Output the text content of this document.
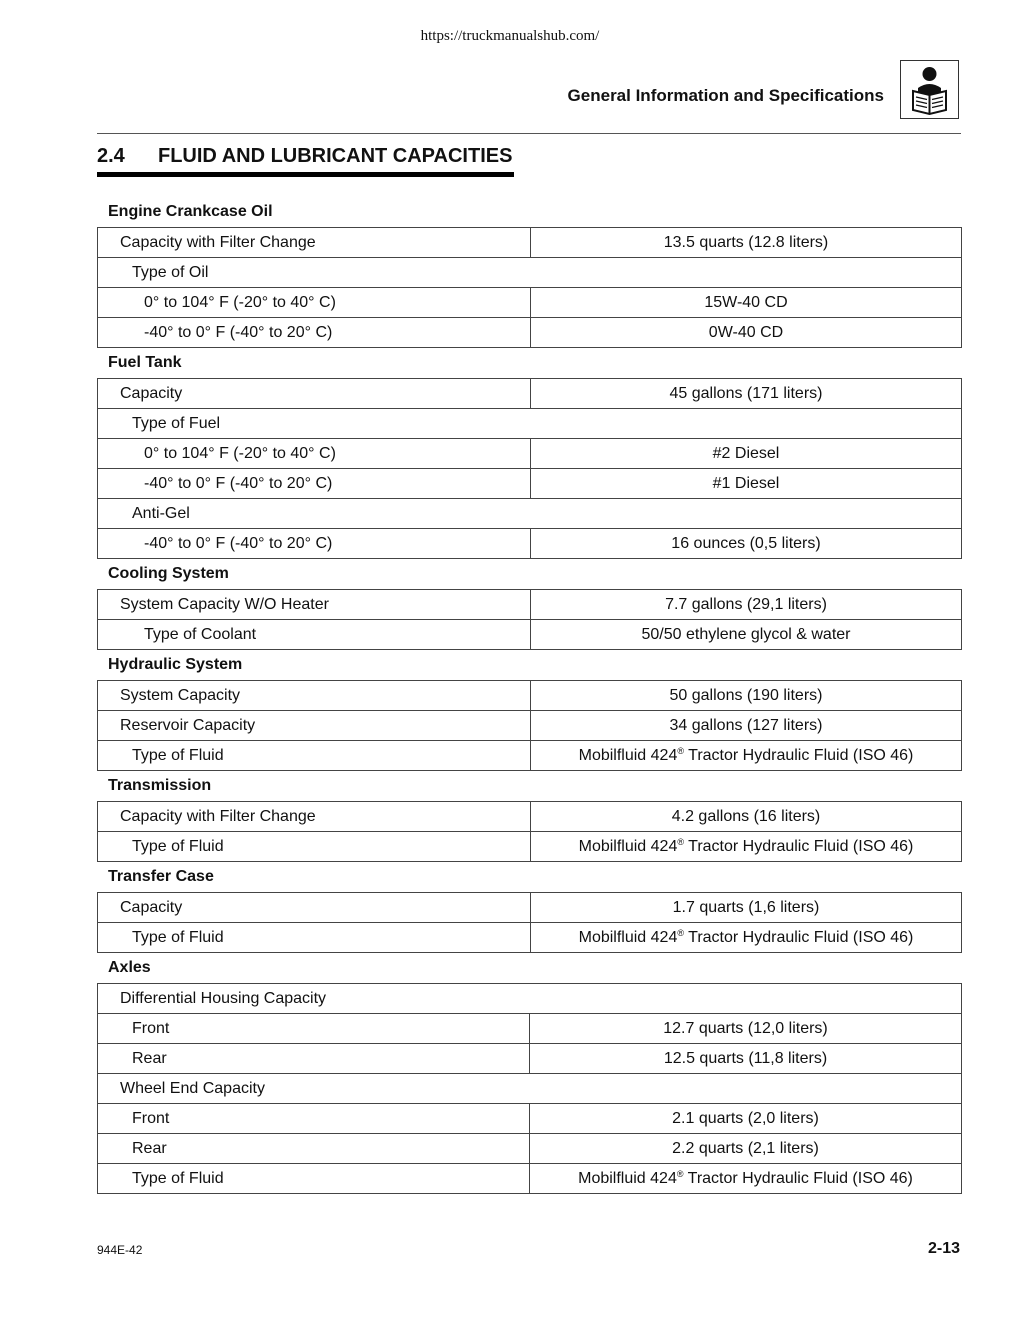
https://truckmanualshub.com/
General Information and Specifications
2.4 FLUID AND LUBRICANT CAPACITIES
Engine Crankcase Oil
Capacity with Filter Change	13.5 quarts (12.8 liters)
Type of Oil	
0° to 104° F (-20° to 40° C)	15W-40 CD
-40° to 0° F (-40° to 20° C)	0W-40 CD
Fuel Tank
Capacity	45 gallons (171 liters)
Type of Fuel	
0° to 104° F (-20° to 40° C)	#2 Diesel
-40° to 0° F (-40° to 20° C)	#1 Diesel
Anti-Gel	
-40° to 0° F (-40° to 20° C)	16 ounces (0,5 liters)
Cooling System
System Capacity W/O Heater	7.7 gallons (29,1 liters)
Type of Coolant	50/50 ethylene glycol & water
Hydraulic System
System Capacity	50 gallons (190 liters)
Reservoir Capacity	34 gallons (127 liters)
Type of Fluid	Mobilfluid 424® Tractor Hydraulic Fluid (ISO 46)
Transmission
Capacity with Filter Change	4.2 gallons (16 liters)
Type of Fluid	Mobilfluid 424® Tractor Hydraulic Fluid (ISO 46)
Transfer Case
Capacity	1.7 quarts (1,6 liters)
Type of Fluid	Mobilfluid 424® Tractor Hydraulic Fluid (ISO 46)
Axles
Differential Housing Capacity	
Front	12.7 quarts (12,0 liters)
Rear	12.5 quarts (11,8 liters)
Wheel End Capacity	
Front	2.1 quarts (2,0 liters)
Rear	2.2 quarts (2,1 liters)
Type of Fluid	Mobilfluid 424® Tractor Hydraulic Fluid (ISO 46)
944E-42	2-13
